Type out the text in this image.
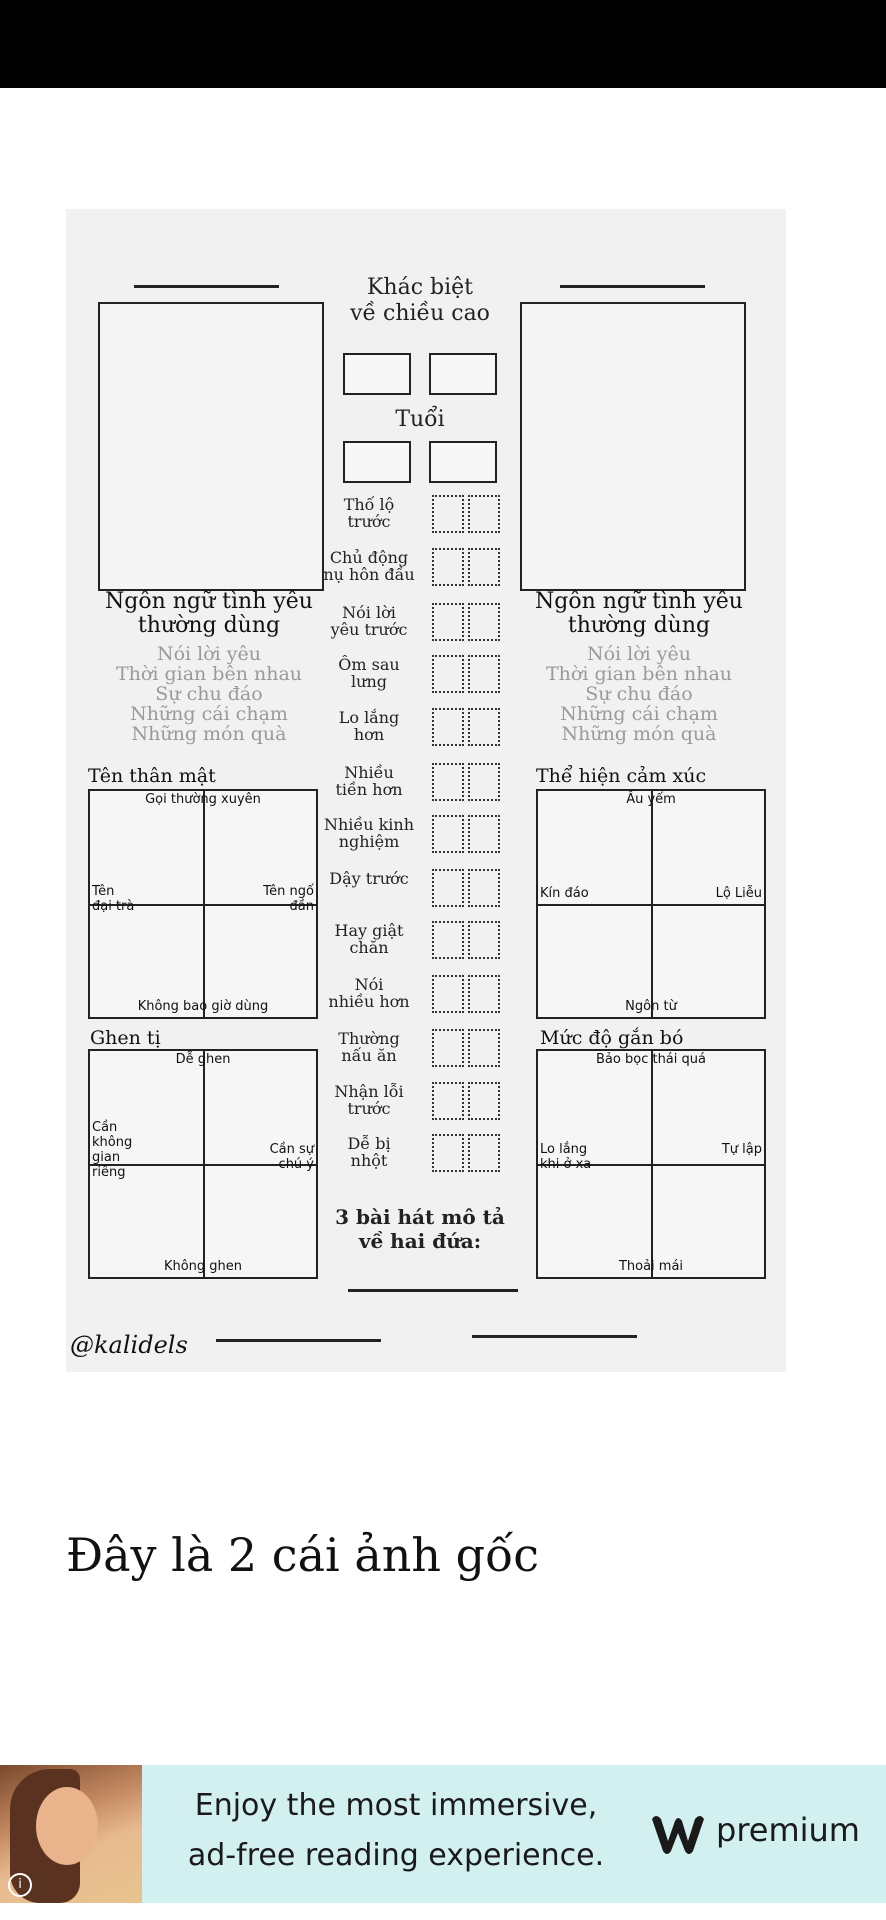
Khác biệt
về chiều cao
Tuổi
Thố lộ
trước
Chủ động
nụ hôn đầu
Nói lời
yêu trước
Ôm sau
lưng
Lo lắng
hơn
Nhiều
tiền hơn
Nhiều kinh
nghiệm
Dậy trước
Hay giật
chăn
Nói
nhiều hơn
Thường
nấu ăn
Nhận lỗi
trước
Dễ bị
nhột
3 bài hát mô tả
về hai đứa:
Ngôn ngữ tình yêu
thường dùng
Nói lời yêu
Thời gian bên nhau
Sự chu đáo
Những cái chạm
Những món quà
Ngôn ngữ tình yêu
thường dùng
Nói lời yêu
Thời gian bên nhau
Sự chu đáo
Những cái chạm
Những món quà
Tên thân mật	Thể hiện cảm xúc
Ghen tị	Mức độ gắn bó
Gọi thường xuyên
Không bao giờ dùng
Tên
đại trà
Tên ngố
đần
Âu yếm
Ngôn từ
Kín đáo	Lộ Liễu
Dễ ghen
Không ghen
Cần
không
gian
riêng
Cần sự
chú ý
Bảo bọc thái quá
Thoải mái
Lo lắng
khi ở xa
Tự lập
@kalidels
Đây là 2 cái ảnh gốc
i
Enjoy the most immersive,
ad-free reading experience.
premium
